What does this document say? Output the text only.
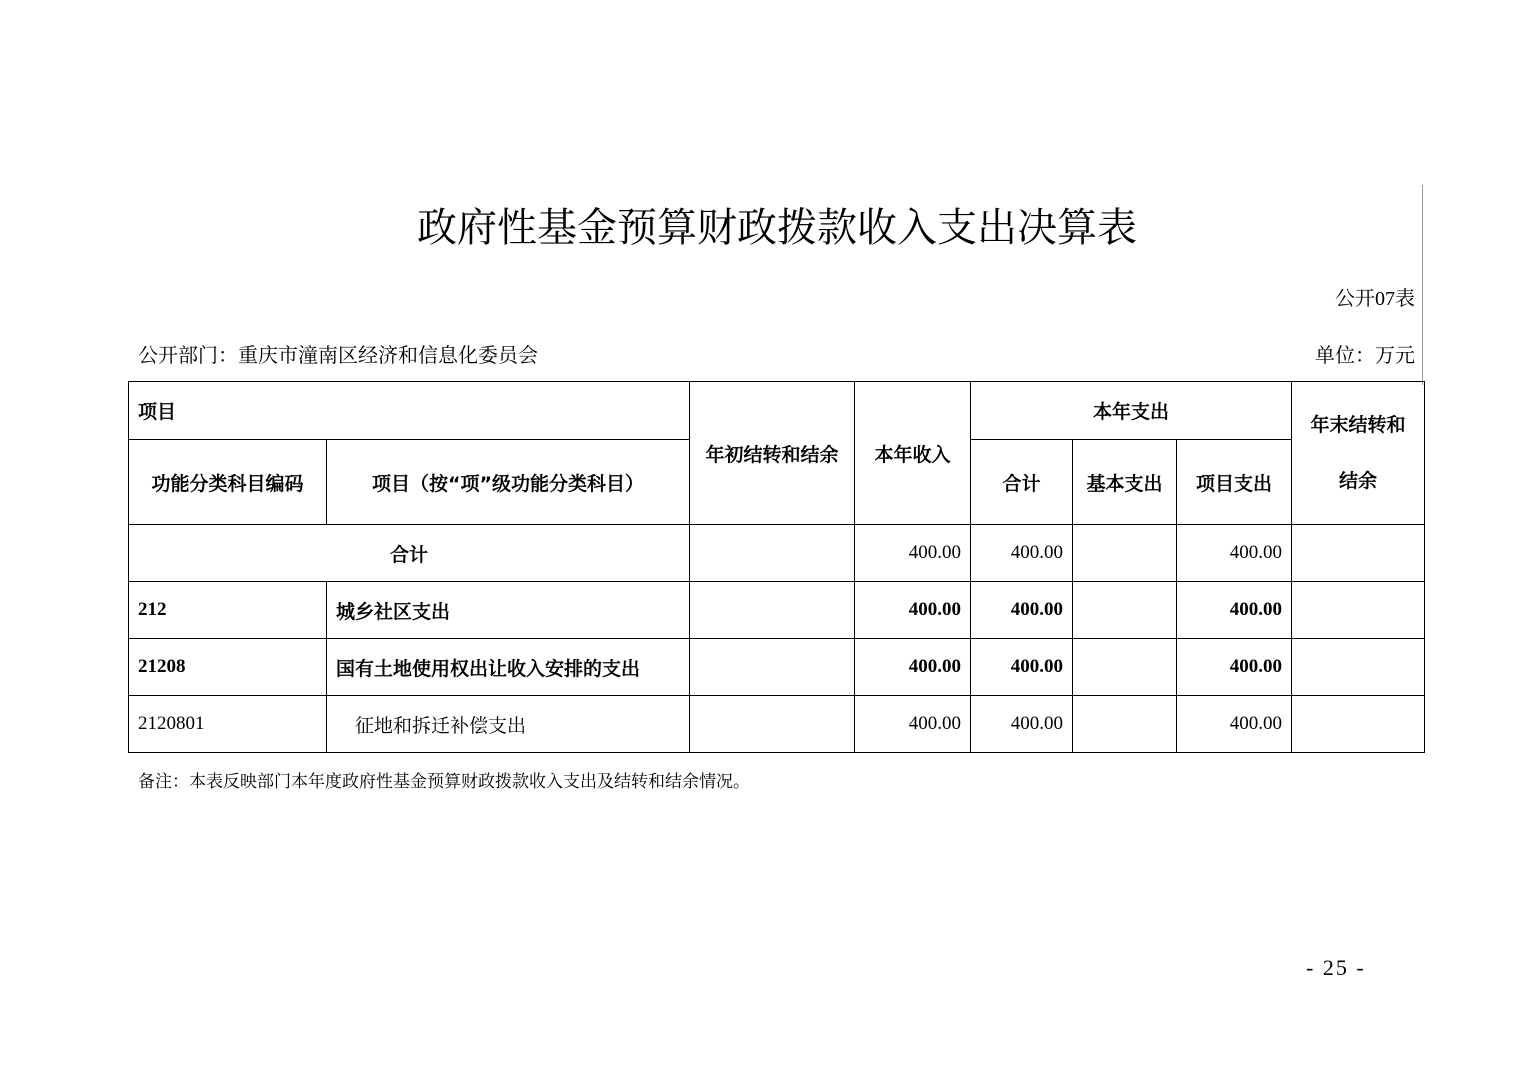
政府性基金预算财政拨款收入支出决算表
公开07表
公开部门：重庆市潼南区经济和信息化委员会	单位：万元
项目		年初结转和结余	本年收入	本年支出			年末结转和
结余

功能分类科目编码	项目（按“项”级功能分类科目）			合计	基本支出	项目支出	
合计			400.00	400.00		400.00	
212	城乡社区支出		400.00	400.00		400.00	
21208	国有土地使用权出让收入安排的支出		400.00	400.00		400.00	
2120801	征地和拆迁补偿支出		400.00	400.00		400.00	
备注：本表反映部门本年度政府性基金预算财政拨款收入支出及结转和结余情况。
- 25 -
